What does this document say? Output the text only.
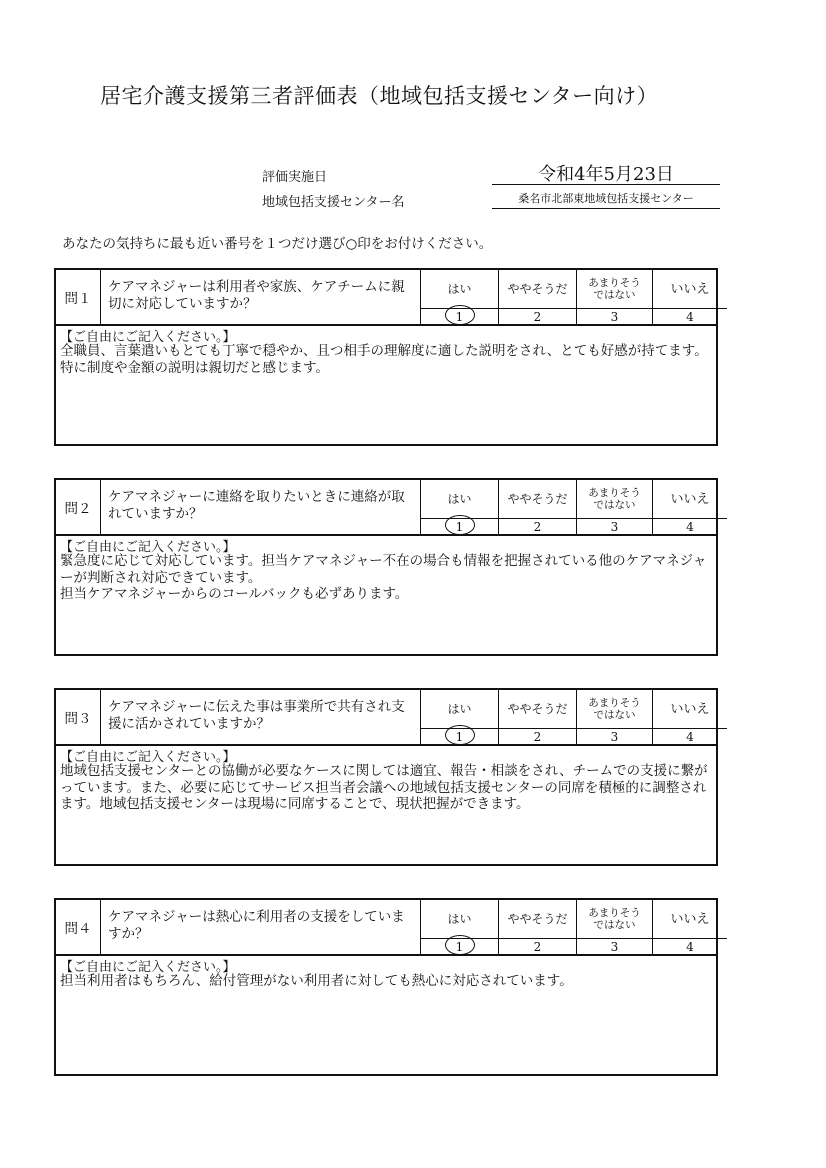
居宅介護支援第三者評価表（地域包括支援センター向け）
評価実施日	令和4年5月23日
地域包括支援センター名	桑名市北部東地域包括支援センター
あなたの気持ちに最も近い番号を１つだけ選び○印をお付けください。
問１
ケアマネジャーは利用者や家族、ケアチームに親切に対応していますか？
はい
1
ややそうだ
2
あまりそう
ではない
3
いいえ
4
【ご自由にご記入ください。】
全職員、言葉遣いもとても丁寧で穏やか、且つ相手の理解度に適した説明をされ、とても好感が持てます。特に制度や金額の説明は親切だと感じます。
問２
ケアマネジャーに連絡を取りたいときに連絡が取れていますか？
はい
1
ややそうだ
2
あまりそう
ではない
3
いいえ
4
【ご自由にご記入ください。】
緊急度に応じて対応しています。担当ケアマネジャー不在の場合も情報を把握されている他のケアマネジャーが判断され対応できています。
担当ケアマネジャーからのコールバックも必ずあります。
問３
ケアマネジャーに伝えた事は事業所で共有され支援に活かされていますか？
はい
1
ややそうだ
2
あまりそう
ではない
3
いいえ
4
【ご自由にご記入ください。】
地域包括支援センターとの協働が必要なケースに関しては適宜、報告・相談をされ、チームでの支援に繋がっています。また、必要に応じてサービス担当者会議への地域包括支援センターの同席を積極的に調整されます。地域包括支援センターは現場に同席することで、現状把握ができます。
問４
ケアマネジャーは熱心に利用者の支援をしていますか？
はい
1
ややそうだ
2
あまりそう
ではない
3
いいえ
4
【ご自由にご記入ください。】
担当利用者はもちろん、給付管理がない利用者に対しても熱心に対応されています。
